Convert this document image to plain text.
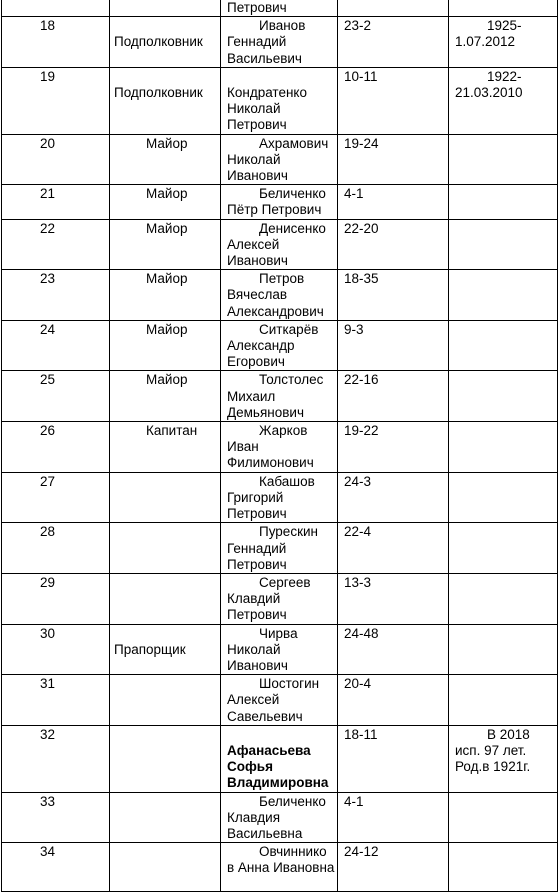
		Петрович		
18	Подполковник	Иванов Геннадий Васильевич	23-2	1925-1.07.2012
19	Подполковник	Кондратенко Николай Петрович	10-11	1922-21.03.2010
20	Майор	Ахрамович Николай Иванович	19-24	
21	Майор	Беличенко Пётр Петрович	4-1	
22	Майор	Денисенко Алексей Иванович	22-20	
23	Майор	Петров Вячеслав Александрович	18-35	
24	Майор	Ситкарёв Александр Егорович	9-3	
25	Майор	Толстолес Михаил Демьянович	22-16	
26	Капитан	Жарков Иван Филимонович	19-22	
27		Кабашов Григорий Петрович	24-3	
28		Пурескин Геннадий Петрович	22-4	
29		Сергеев Клавдий Петрович	13-3	
30	Прапорщик	Чирва Николай Иванович	24-48	
31		Шостогин Алексей Савельевич	20-4	
32		Афанасьева Софья Владимировна	18-11	В 2018 исп. 97 лет. Род.в 1921г.
33		Беличенко Клавдия Васильевна	4-1	
34		Овчиннико в Анна Ивановна	24-12	
